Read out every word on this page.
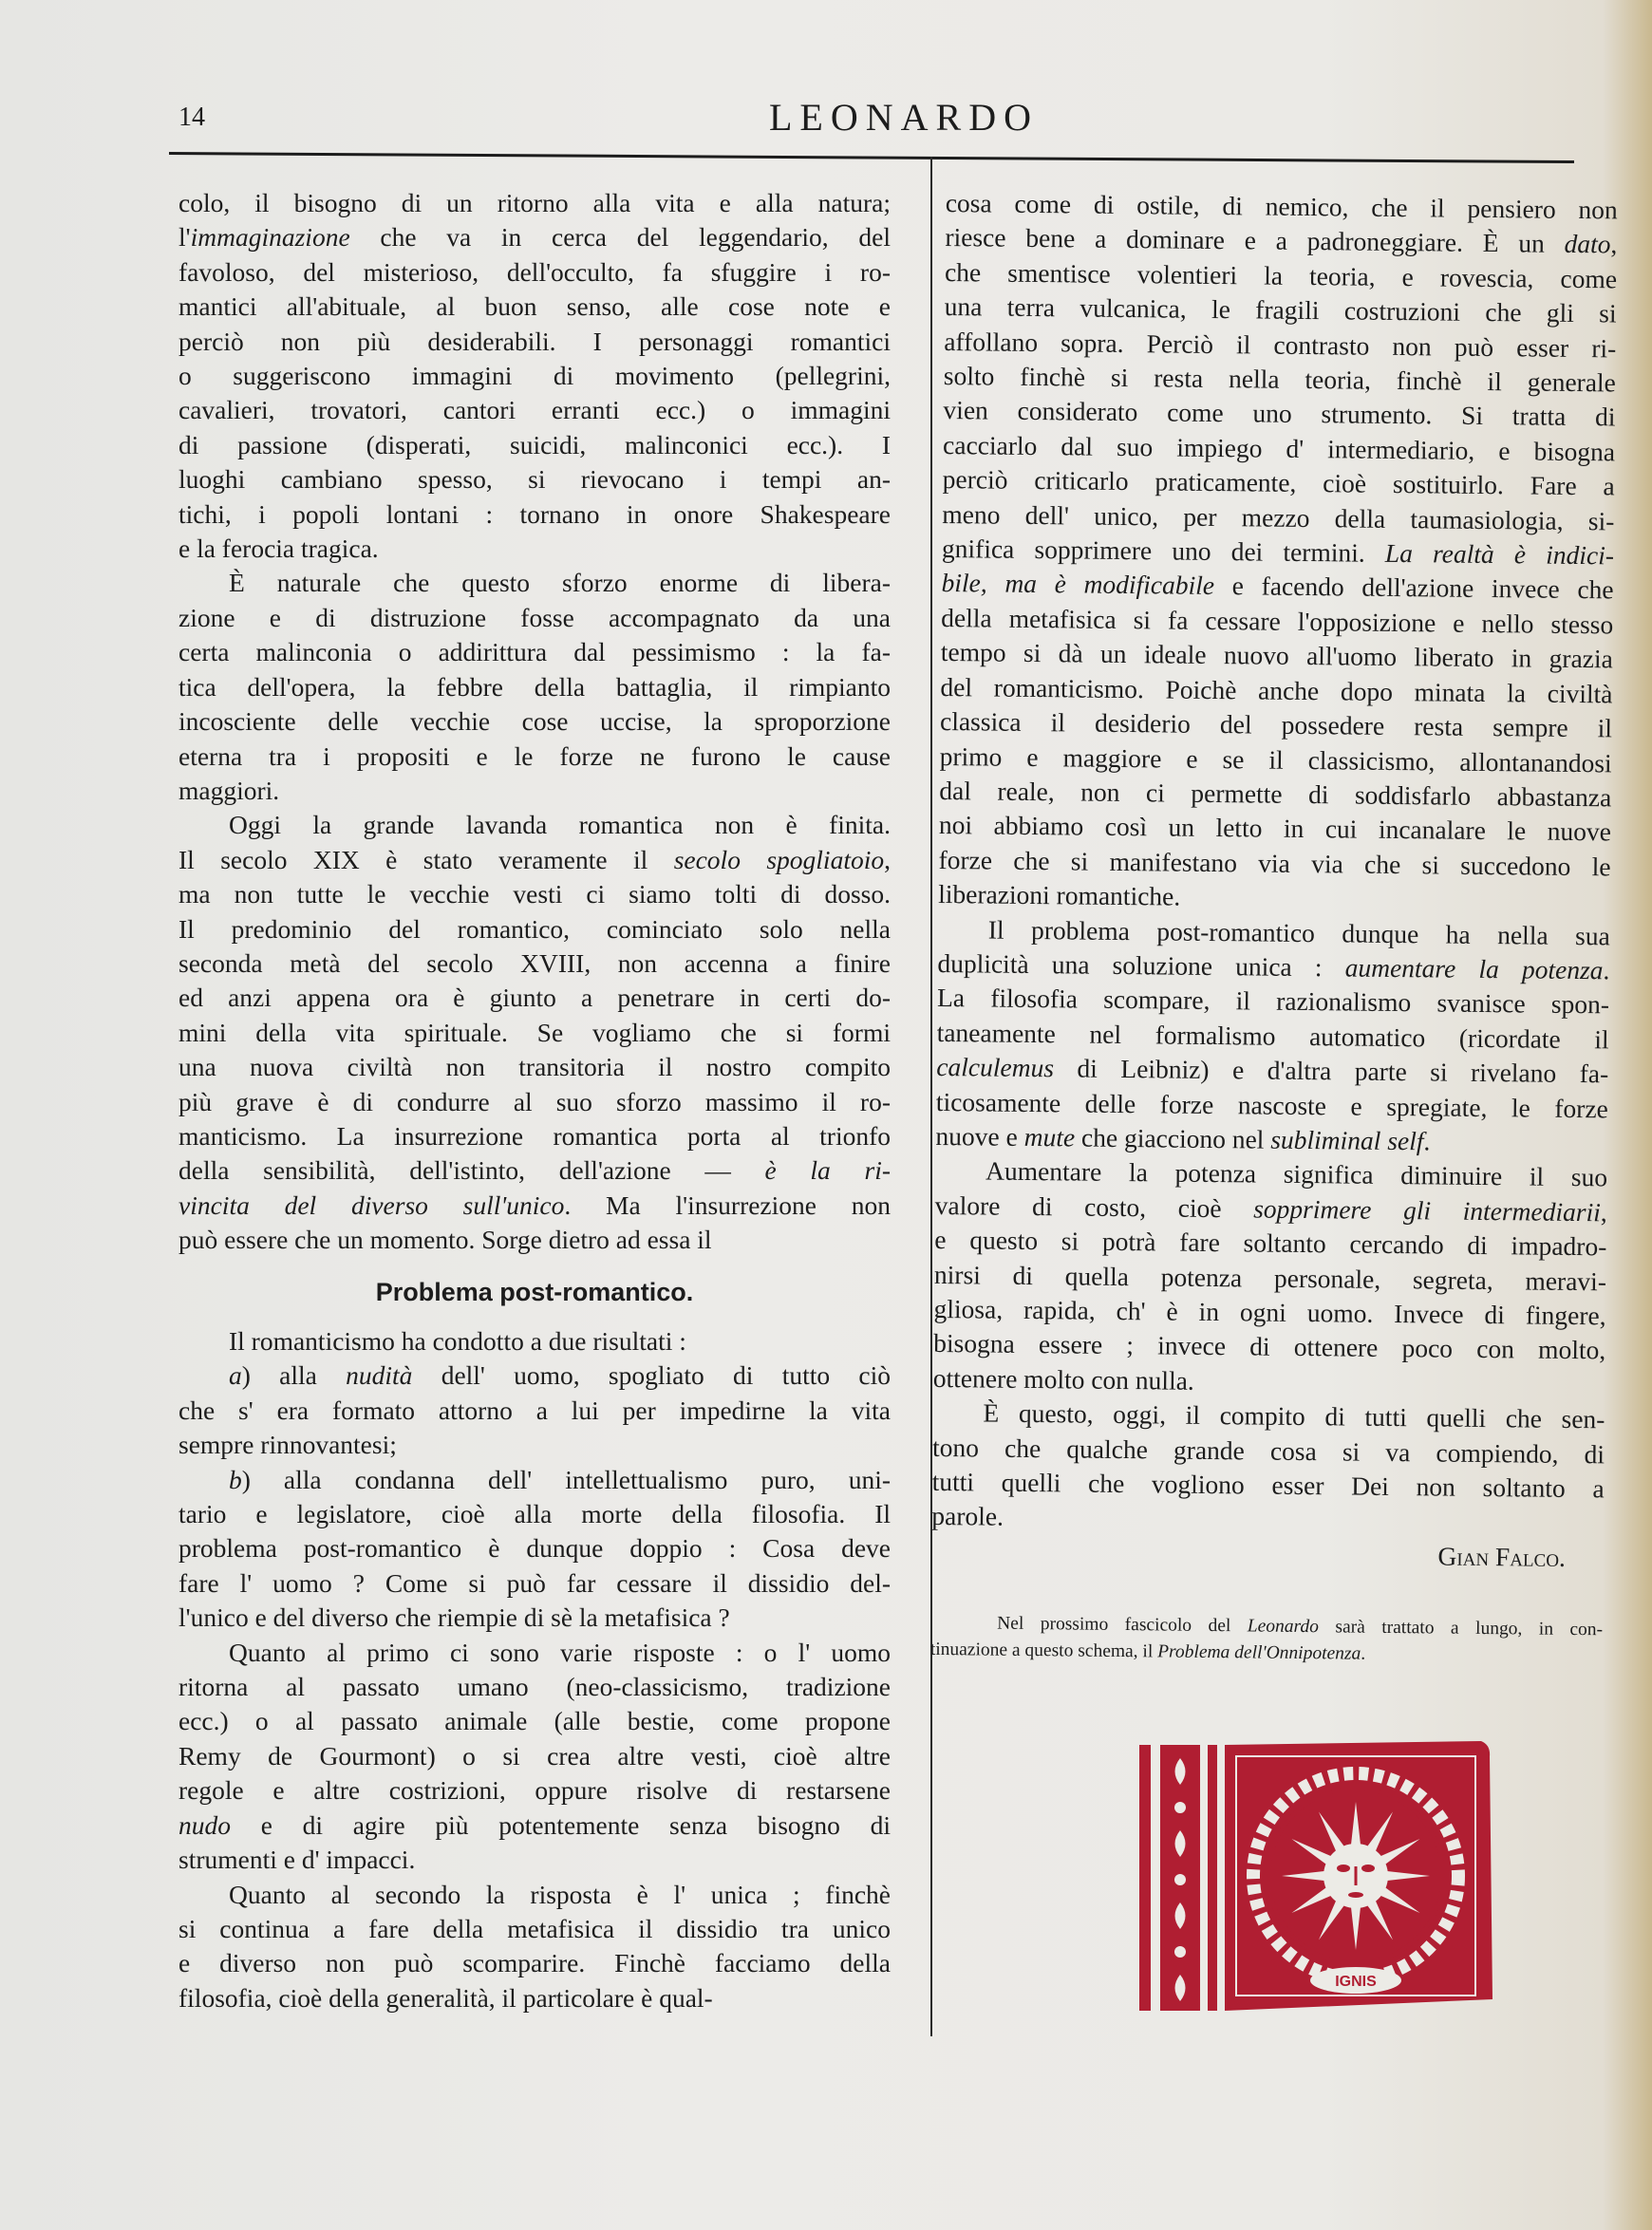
14	LEONARDO

colo, il bisogno di un ritorno alla vita e alla natura;
l'immaginazione che va in cerca del leggendario, del
favoloso, del misterioso, dell'occulto, fa sfuggire i ro-
mantici all'abituale, al buon senso, alle cose note e
perciò non più desiderabili. I personaggi romantici
o suggeriscono immagini di movimento (pellegrini,
cavalieri, trovatori, cantori erranti ecc.) o immagini
di passione (disperati, suicidi, malinconici ecc.). I
luoghi cambiano spesso, si rievocano i tempi an-
tichi, i popoli lontani : tornano in onore Shakespeare
e la ferocia tragica.

È naturale che questo sforzo enorme di libera-
zione e di distruzione fosse accompagnato da una
certa malinconia o addirittura dal pessimismo : la fa-
tica dell'opera, la febbre della battaglia, il rimpianto
incosciente delle vecchie cose uccise, la sproporzione
eterna tra i propositi e le forze ne furono le cause
maggiori.

Oggi la grande lavanda romantica non è finita.
Il secolo XIX è stato veramente il secolo spogliatoio,
ma non tutte le vecchie vesti ci siamo tolti di dosso.
Il predominio del romantico, cominciato solo nella
seconda metà del secolo XVIII, non accenna a finire
ed anzi appena ora è giunto a penetrare in certi do-
mini della vita spirituale. Se vogliamo che si formi
una nuova civiltà non transitoria il nostro compito
più grave è di condurre al suo sforzo massimo il ro-
manticismo. La insurrezione romantica porta al trionfo
della sensibilità, dell'istinto, dell'azione — è la ri-
vincita del diverso sull'unico. Ma l'insurrezione non
può essere che un momento. Sorge dietro ad essa il

Problema post-romantico.

Il romanticismo ha condotto a due risultati :

a) alla nudità dell' uomo, spogliato di tutto ciò
che s' era formato attorno a lui per impedirne la vita
sempre rinnovantesi;

b) alla condanna dell' intellettualismo puro, uni-
tario e legislatore, cioè alla morte della filosofia. Il
problema post-romantico è dunque doppio : Cosa deve
fare l' uomo ? Come si può far cessare il dissidio del-
l'unico e del diverso che riempie di sè la metafisica ?

Quanto al primo ci sono varie risposte : o l' uomo
ritorna al passato umano (neo-classicismo, tradizione
ecc.) o al passato animale (alle bestie, come propone
Remy de Gourmont) o si crea altre vesti, cioè altre
regole e altre costrizioni, oppure risolve di restarsene
nudo e di agire più potentemente senza bisogno di
strumenti e d' impacci.

Quanto al secondo la risposta è l' unica ; finchè
si continua a fare della metafisica il dissidio tra unico
e diverso non può scomparire. Finchè facciamo della
filosofia, cioè della generalità, il particolare è qual-

cosa come di ostile, di nemico, che il pensiero non
riesce bene a dominare e a padroneggiare. È un dato,
che smentisce volentieri la teoria, e rovescia, come
una terra vulcanica, le fragili costruzioni che gli si
affollano sopra. Perciò il contrasto non può esser ri-
solto finchè si resta nella teoria, finchè il generale
vien considerato come uno strumento. Si tratta di
cacciarlo dal suo impiego d' intermediario, e bisogna
perciò criticarlo praticamente, cioè sostituirlo. Fare a
meno dell' unico, per mezzo della taumasiologia, si-
gnifica sopprimere uno dei termini. La realtà è indici-
bile, ma è modificabile e facendo dell'azione invece che
della metafisica si fa cessare l'opposizione e nello stesso
tempo si dà un ideale nuovo all'uomo liberato in grazia
del romanticismo. Poichè anche dopo minata la civiltà
classica il desiderio del possedere resta sempre il
primo e maggiore e se il classicismo, allontanandosi
dal reale, non ci permette di soddisfarlo abbastanza
noi abbiamo così un letto in cui incanalare le nuove
forze che si manifestano via via che si succedono le
liberazioni romantiche.

Il problema post-romantico dunque ha nella sua
duplicità una soluzione unica : aumentare la potenza.
La filosofia scompare, il razionalismo svanisce spon-
taneamente nel formalismo automatico (ricordate il
calculemus di Leibniz) e d'altra parte si rivelano fa-
ticosamente delle forze nascoste e spregiate, le forze
nuove e mute che giacciono nel subliminal self.

Aumentare la potenza significa diminuire il suo
valore di costo, cioè sopprimere gli intermediarii,
e questo si potrà fare soltanto cercando di impadro-
nirsi di quella potenza personale, segreta, meravi-
gliosa, rapida, ch' è in ogni uomo. Invece di fingere,
bisogna essere ; invece di ottenere poco con molto,
ottenere molto con nulla.

È questo, oggi, il compito di tutti quelli che sen-
tono che qualche grande cosa si va compiendo, di
tutti quelli che vogliono esser Dei non soltanto a
parole.

Gian Falco.
Nel prossimo fascicolo del Leonardo sarà trattato a lungo, in con-
tinuazione a questo schema, il Problema dell'Onnipotenza.
IGNIS
